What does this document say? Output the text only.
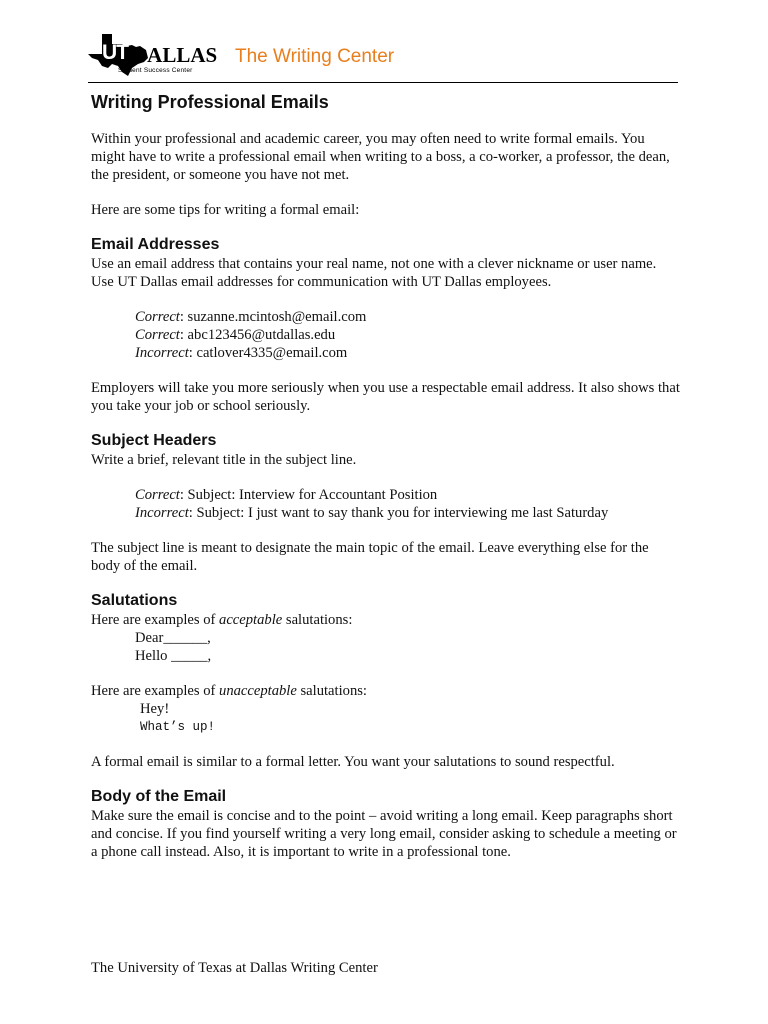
UT DALLAS
Student Success Center
The Writing Center
Writing Professional Emails

Within your professional and academic career, you may often need to write formal emails. You might have to write a professional email when writing to a boss, a co-worker, a professor, the dean, the president, or someone you have not met.

Here are some tips for writing a formal email:

Email Addresses

Use an email address that contains your real name, not one with a clever nickname or user name. Use UT Dallas email addresses for communication with UT Dallas employees.

Correct: suzanne.mcintosh@email.com

Correct: abc123456@utdallas.edu

Incorrect: catlover4335@email.com

Employers will take you more seriously when you use a respectable email address. It also shows that you take your job or school seriously.

Subject Headers

Write a brief, relevant title in the subject line.

Correct: Subject: Interview for Accountant Position

Incorrect: Subject: I just want to say thank you for interviewing me last Saturday

The subject line is meant to designate the main topic of the email. Leave everything else for the body of the email.

Salutations

Here are examples of acceptable salutations:

Dear______,

Hello _____,

Here are examples of unacceptable salutations:

Hey!

What’s up!

A formal email is similar to a formal letter. You want your salutations to sound respectful.

Body of the Email

Make sure the email is concise and to the point – avoid writing a long email. Keep paragraphs short and concise. If you find yourself writing a very long email, consider asking to schedule a meeting or a phone call instead. Also, it is important to write in a professional tone.

The University of Texas at Dallas Writing Center
